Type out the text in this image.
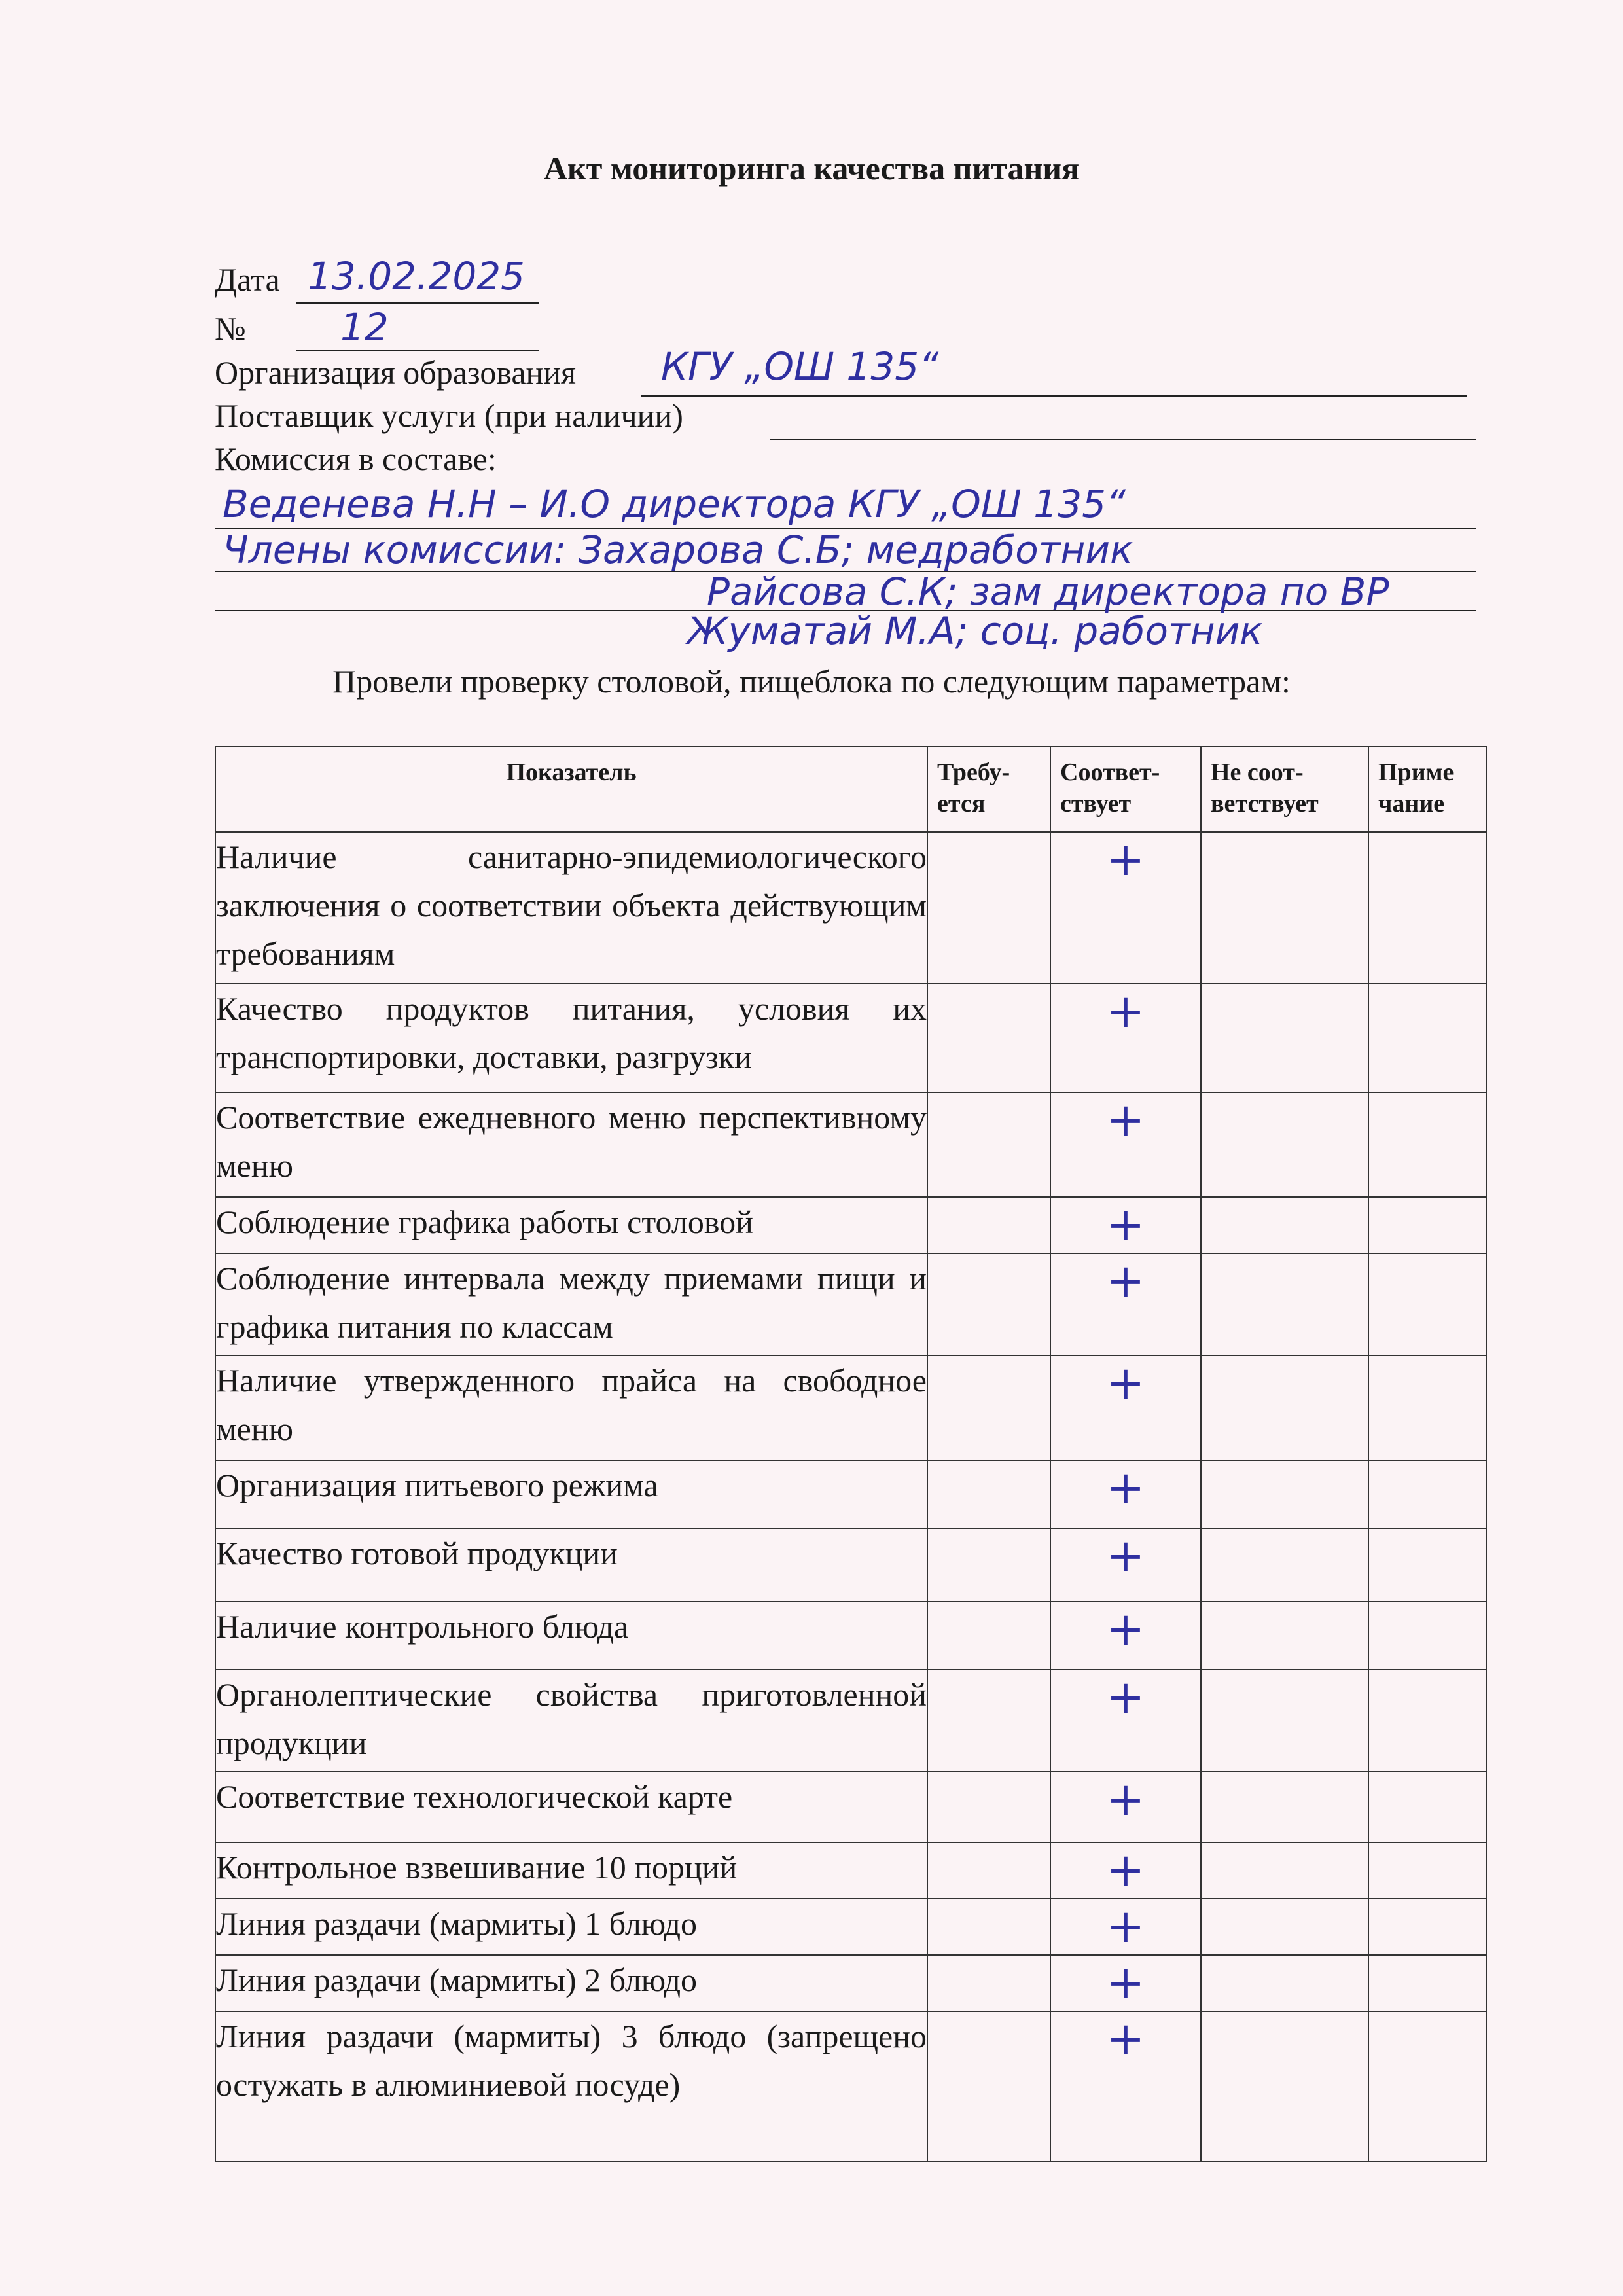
Акт мониторинга качества питания
Дата 13.02.2025
№ 12
Организация образования КГУ „ОШ 135“
Поставщик услуги (при наличии)
Комиссия в составе:
Веденева Н.Н – И.О директора КГУ „ОШ 135“
Члены комиссии: Захарова С.Б; медработник
Райсова С.К; зам директора по ВР
Жуматай М.А; соц. работник
Провели проверку столовой, пищеблока по следующим параметрам:
Показатель	Требу-ется	Соответ-ствует	Не соот-ветствует	Приме чание
Наличие санитарно-эпидемиологического заключения о соответствии объекта действующим требованиям		+		
Качество продуктов питания, условия их транспортировки, доставки, разгрузки		+		
Соответствие ежедневного меню перспективному меню		+		
Соблюдение графика работы столовой		+		
Соблюдение интервала между приемами пищи и графика питания по классам		+		
Наличие утвержденного прайса на свободное меню		+		
Организация питьевого режима		+		
Качество готовой продукции		+		
Наличие контрольного блюда		+		
Органолептические свойства приготовленной продукции		+		
Соответствие технологической карте		+		
Контрольное взвешивание 10 порций		+		
Линия раздачи (мармиты) 1 блюдо		+		
Линия раздачи (мармиты) 2 блюдо		+		
Линия раздачи (мармиты) 3 блюдо (запрещено остужать в алюминиевой посуде)		+		
